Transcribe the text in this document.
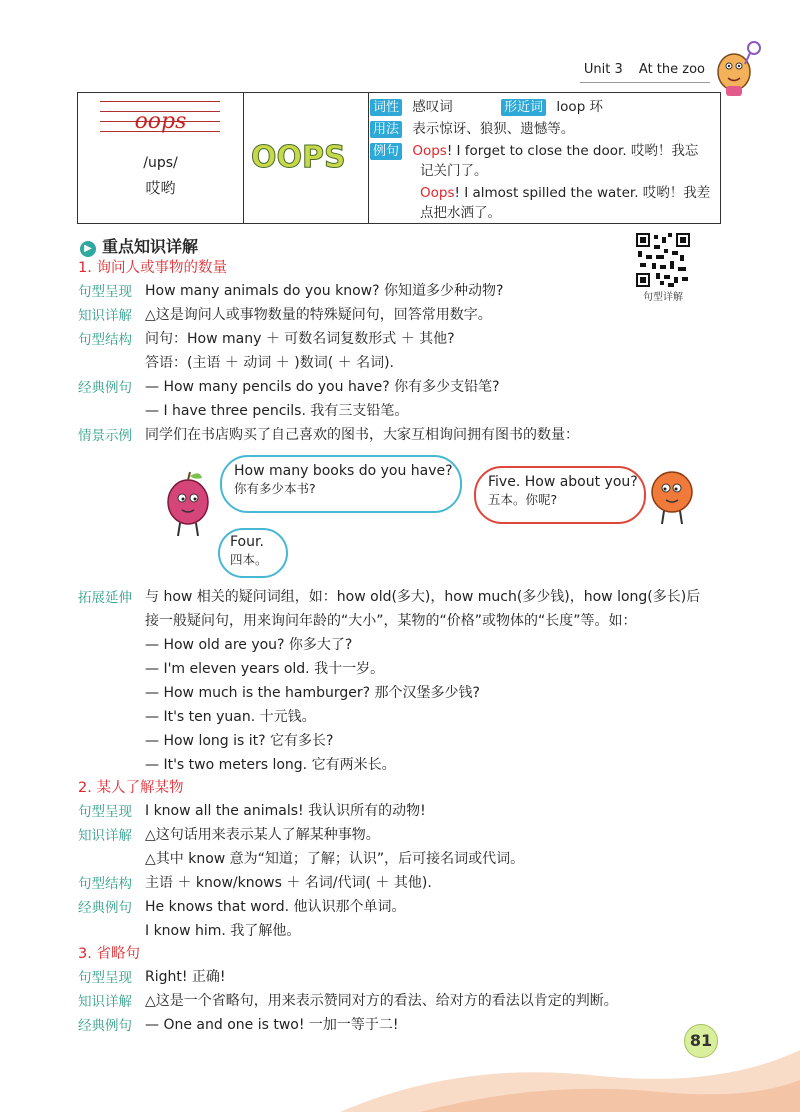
Unit 3 At the zoo
oops
/ups/
哎哟
OOPS
词性 感叹词	形近词 loop 环
用法 表示惊讶、狼狈、遗憾等。
例句 Oops! I forget to close the door. 哎哟！我忘
记关门了。
Oops! I almost spilled the water. 哎哟！我差
点把水洒了。
▶ 重点知识详解
句型详解
1. 询问人或事物的数量
句型呈现 How many animals do you know? 你知道多少种动物?
知识详解 △这是询问人或事物数量的特殊疑问句，回答常用数字。
句型结构 问句：How many ＋ 可数名词复数形式 ＋ 其他?
答语：(主语 ＋ 动词 ＋ )数词( ＋ 名词).
经典例句 — How many pencils do you have? 你有多少支铅笔?
— I have three pencils. 我有三支铅笔。
情景示例 同学们在书店购买了自己喜欢的图书，大家互相询问拥有图书的数量：
How many books do you have?
你有多少本书?	Five. How about you?
五本。你呢?
Four.
四本。
拓展延伸 与 how 相关的疑问词组，如：how old(多大)，how much(多少钱)，how long(多长)后
接一般疑问句，用来询问年龄的“大小”，某物的“价格”或物体的“长度”等。如：
— How old are you? 你多大了?
— I'm eleven years old. 我十一岁。
— How much is the hamburger? 那个汉堡多少钱?
— It's ten yuan. 十元钱。
— How long is it? 它有多长?
— It's two meters long. 它有两米长。
2. 某人了解某物
句型呈现 I know all the animals! 我认识所有的动物!
知识详解 △这句话用来表示某人了解某种事物。
△其中 know 意为“知道；了解；认识”，后可接名词或代词。
句型结构 主语 ＋ know/knows ＋ 名词/代词( ＋ 其他).
经典例句 He knows that word. 他认识那个单词。
I know him. 我了解他。
3. 省略句
句型呈现 Right! 正确!
知识详解 △这是一个省略句，用来表示赞同对方的看法、给对方的看法以肯定的判断。
经典例句 — One and one is two! 一加一等于二!
81
